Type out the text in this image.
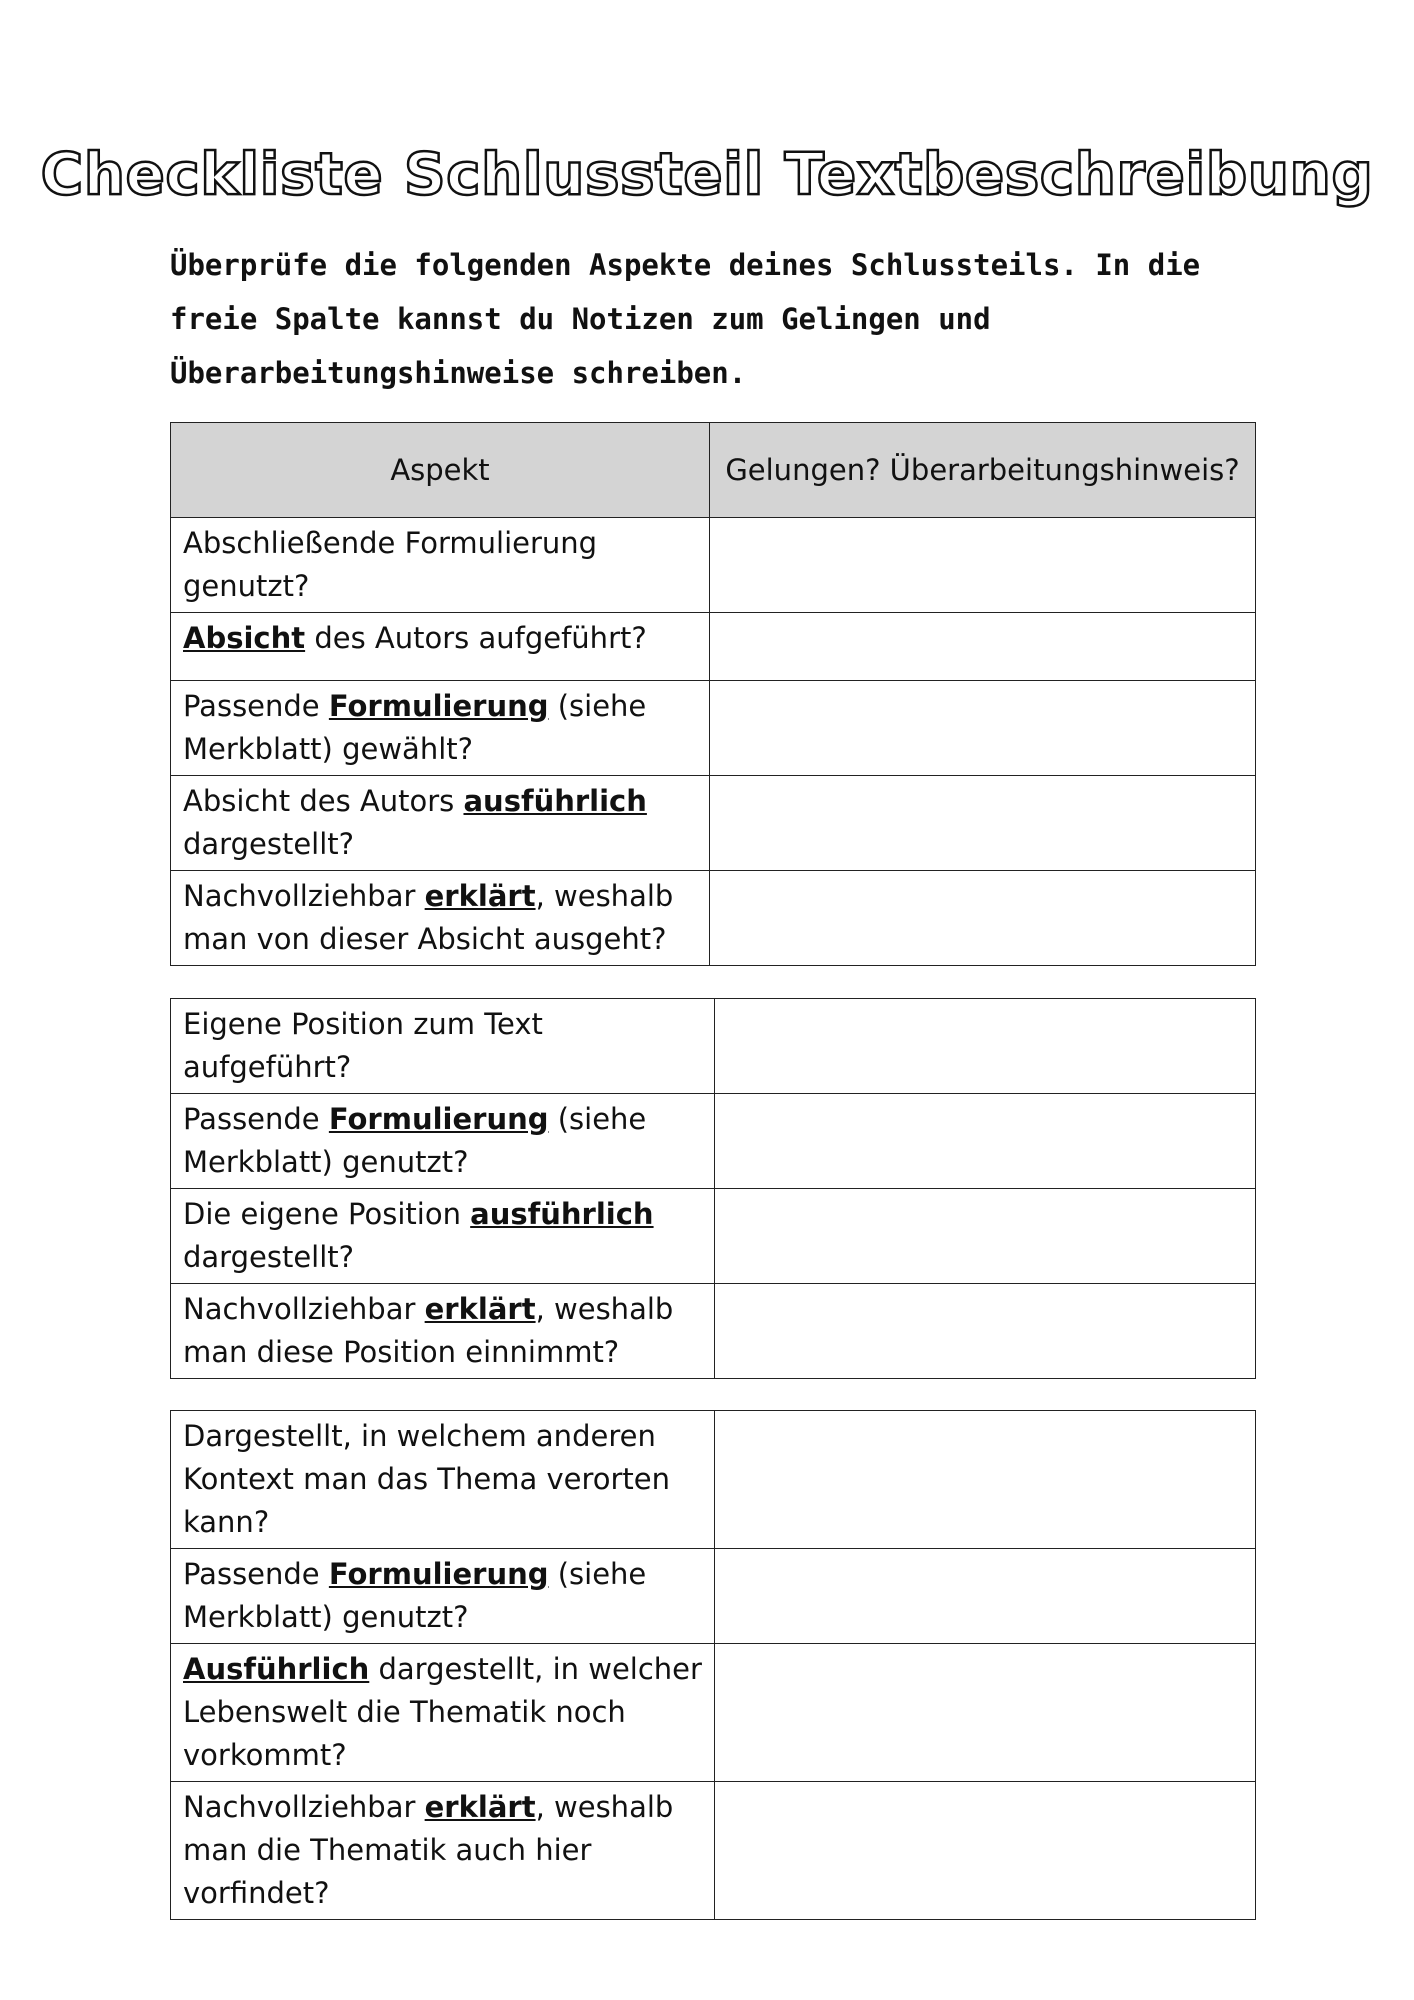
Checkliste Schlussteil Textbeschreibung
Überprüfe die folgenden Aspekte deines Schlussteils. In die freie Spalte kannst du Notizen zum Gelingen und Überarbeitungshinweise schreiben.
Aspekt	Gelungen? Überarbeitungshinweis?
Abschließende Formulierung genutzt?	
Absicht des Autors aufgeführt?	
Passende Formulierung (siehe Merkblatt) gewählt?	
Absicht des Autors ausführlich dargestellt?	
Nachvollziehbar erklärt, weshalb man von dieser Absicht ausgeht?	
Eigene Position zum Text aufgeführt?	
Passende Formulierung (siehe Merkblatt) genutzt?	
Die eigene Position ausführlich dargestellt?	
Nachvollziehbar erklärt, weshalb man diese Position einnimmt?	
Dargestellt, in welchem anderen Kontext man das Thema verorten kann?	
Passende Formulierung (siehe Merkblatt) genutzt?	
Ausführlich dargestellt, in welcher Lebenswelt die Thematik noch vorkommt?	
Nachvollziehbar erklärt, weshalb man die Thematik auch hier vorfindet?	
